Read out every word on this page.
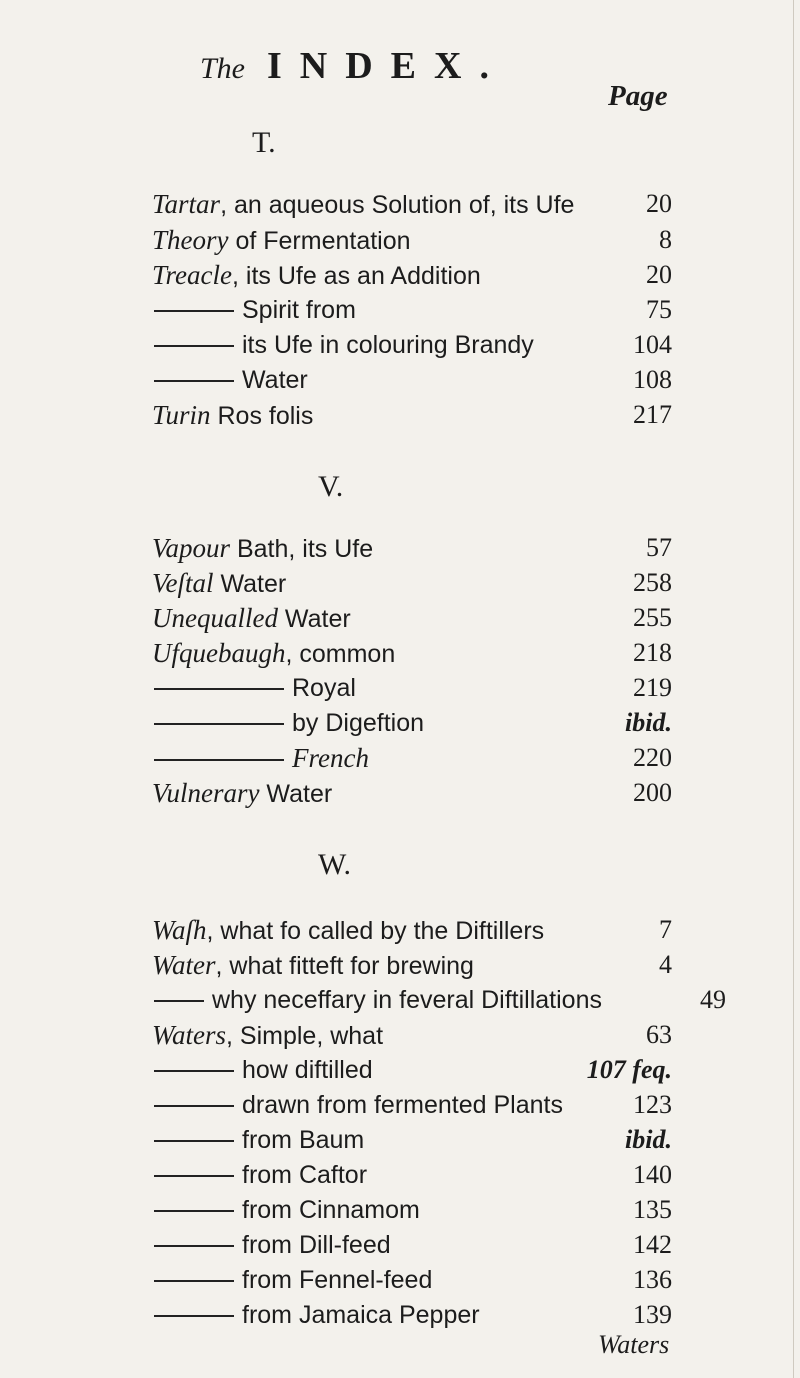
The INDEX.
Page
T.
Tartar, an aqueous Solution of, its Ufe	20
Theory of Fermentation	8
Treacle, its Ufe as an Addition	20
Spirit from	75
its Ufe in colouring Brandy	104
Water	108
Turin Ros folis	217
V.
Vapour Bath, its Ufe	57
Veſtal Water	258
Unequalled Water	255
Ufquebaugh, common	218
Royal	219
by Digeftion	ibid.
French	220
Vulnerary Water	200
W.
Waſh, what fo called by the Diftillers	7
Water, what fitteft for brewing	4
why neceffary in feveral Diftillations	49
Waters, Simple, what	63
how diftilled	107 feq.
drawn from fermented Plants	123
from Baum	ibid.
from Caftor	140
from Cinnamom	135
from Dill-feed	142
from Fennel-feed	136
from Jamaica Pepper	139
Waters
